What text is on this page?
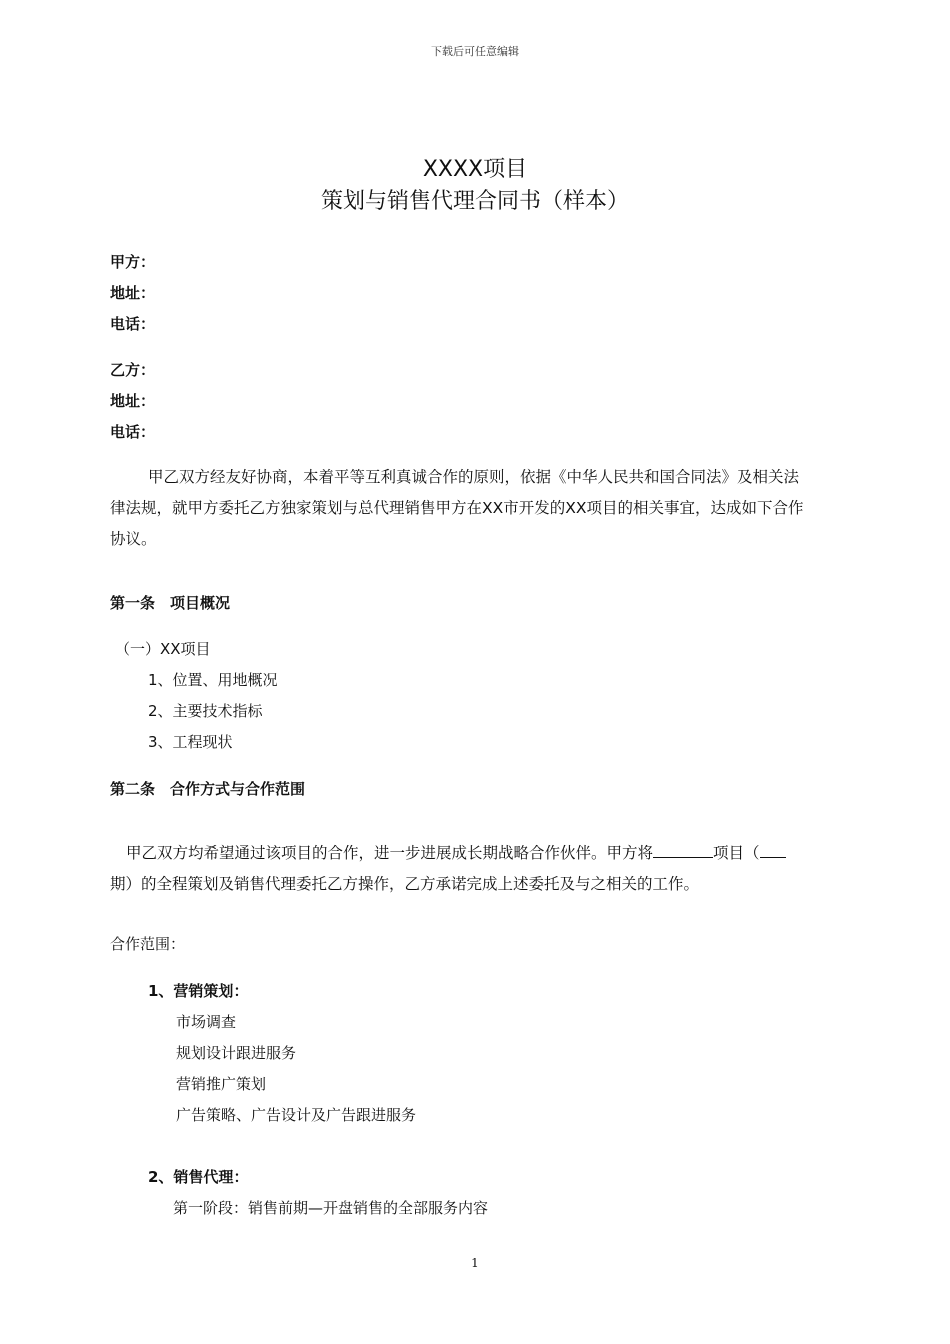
下载后可任意编辑
XXXX项目
策划与销售代理合同书（样本）
甲方：
地址：
电话：
乙方：
地址：
电话：

甲乙双方经友好协商，本着平等互利真诚合作的原则，依据《中华人民共和国合同法》及相关法

律法规，就甲方委托乙方独家策划与总代理销售甲方在XX市开发的XX项目的相关事宜，达成如下合作

协议。

第一条　项目概况
（一）XX项目
1、位置、用地概况
2、主要技术指标
3、工程现状
第二条　合作方式与合作范围
甲乙双方均希望通过该项目的合作，进一步进展成长期战略合作伙伴。甲方将	项目（
期）的全程策划及销售代理委托乙方操作，乙方承诺完成上述委托及与之相关的工作。
合作范围：
1、营销策划：
市场调查
规划设计跟进服务
营销推广策划
广告策略、广告设计及广告跟进服务
2、销售代理：
第一阶段：销售前期—开盘销售的全部服务内容
1
